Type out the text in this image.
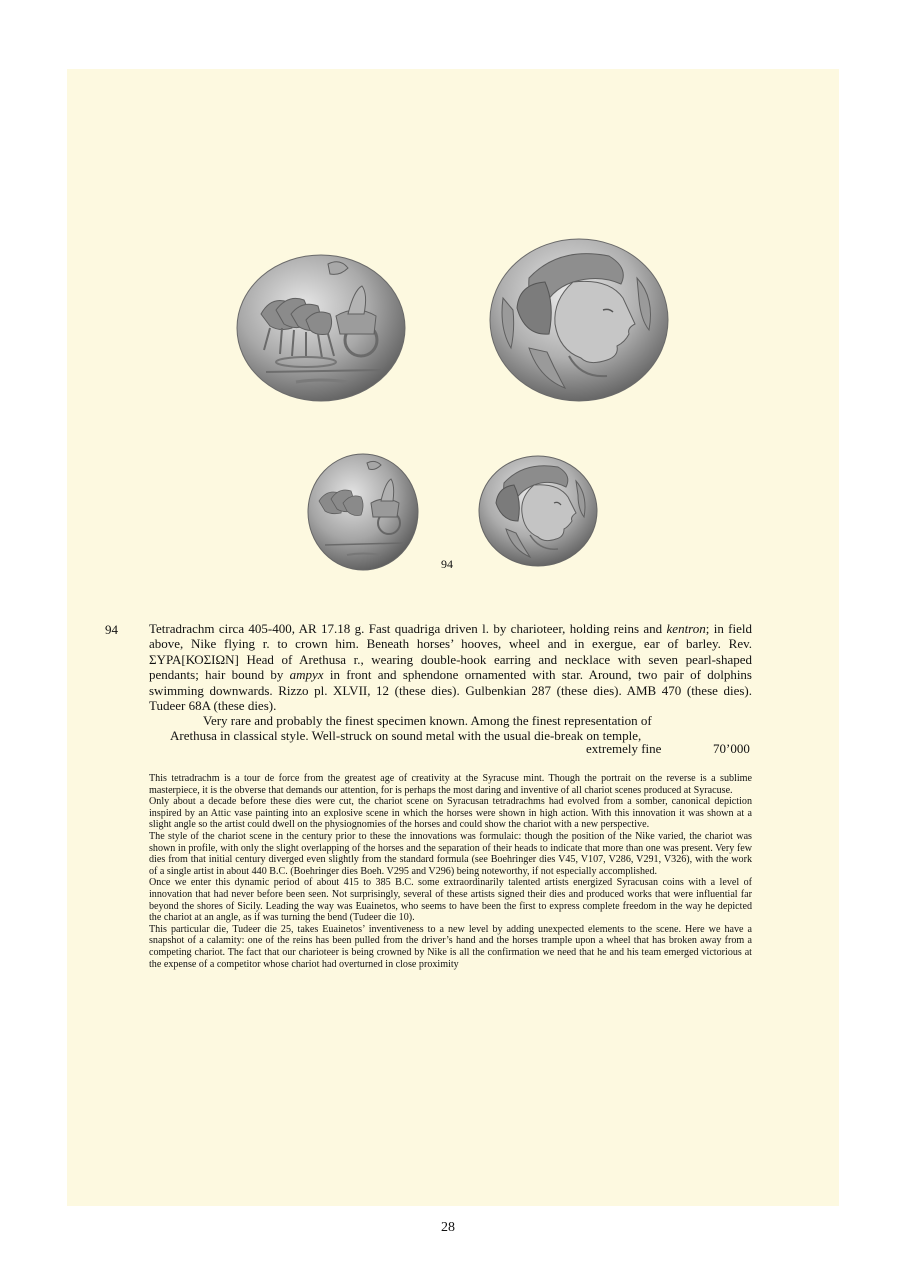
94
94 Tetradrachm circa 405-400, AR 17.18 g. Fast quadriga driven l. by charioteer, holding reins and kentron; in field above, Nike flying r. to crown him. Beneath horses’ hooves, wheel and in exergue, ear of barley. Rev. ΣΥΡΑ[ΚΟΣΙΩΝ] Head of Arethusa r., wearing double-hook earring and necklace with seven pearl-shaped pendants; hair bound by ampyx in front and sphendone ornamented with star. Around, two pair of dolphins swimming downwards. Rizzo pl. XLVII, 12 (these dies). Gulbenkian 287 (these dies). AMB 470 (these dies). Tudeer 68A (these dies).

Very rare and probably the finest specimen known. Among the finest representation of
Arethusa in classical style. Well-struck on sound metal with the usual die-break on temple,
extremely fine	70’000

This tetradrachm is a tour de force from the greatest age of creativity at the Syracuse mint. Though the portrait on the reverse is a sublime masterpiece, it is the obverse that demands our attention, for is perhaps the most daring and inventive of all chariot scenes produced at Syracuse.

Only about a decade before these dies were cut, the chariot scene on Syracusan tetradrachms had evolved from a somber, canonical depiction inspired by an Attic vase painting into an explosive scene in which the horses were shown in high action. With this innovation it was shown at a slight angle so the artist could dwell on the physiognomies of the horses and could show the chariot with a new perspective.

The style of the chariot scene in the century prior to these the innovations was formulaic: though the position of the Nike varied, the chariot was shown in profile, with only the slight overlapping of the horses and the separation of their heads to indicate that more than one was present. Very few dies from that initial century diverged even slightly from the standard formula (see Boehringer dies V45, V107, V286, V291, V326), with the work of a single artist in about 440 B.C. (Boehringer dies Boeh. V295 and V296) being noteworthy, if not especially accomplished.

Once we enter this dynamic period of about 415 to 385 B.C. some extraordinarily talented artists energized Syracusan coins with a level of innovation that had never before been seen. Not surprisingly, several of these artists signed their dies and produced works that were influential far beyond the shores of Sicily. Leading the way was Euainetos, who seems to have been the first to express complete freedom in the way he depicted the chariot at an angle, as if was turning the bend (Tudeer die 10).

This particular die, Tudeer die 25, takes Euainetos’ inventiveness to a new level by adding unexpected elements to the scene. Here we have a snapshot of a calamity: one of the reins has been pulled from the driver’s hand and the horses trample upon a wheel that has broken away from a competing chariot. The fact that our charioteer is being crowned by Nike is all the confirmation we need that he and his team emerged victorious at the expense of a competitor whose chariot had overturned in close proximity

28
